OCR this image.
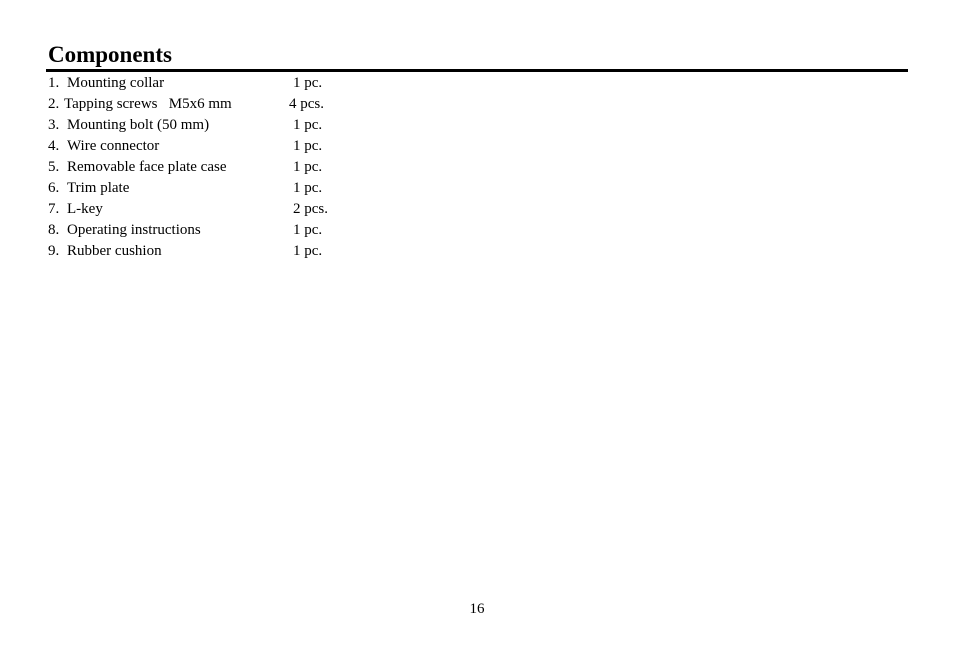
Components
1. Mounting collar	1 pc.
2. Tapping screws   M5x6 mm	4 pcs.
3. Mounting bolt (50 mm)	1 pc.
4. Wire connector	1 pc.
5. Removable face plate case	1 pc.
6. Trim plate	1 pc.
7. L-key	2 pcs.
8. Operating instructions	1 pc.
9. Rubber cushion	1 pc.
16
